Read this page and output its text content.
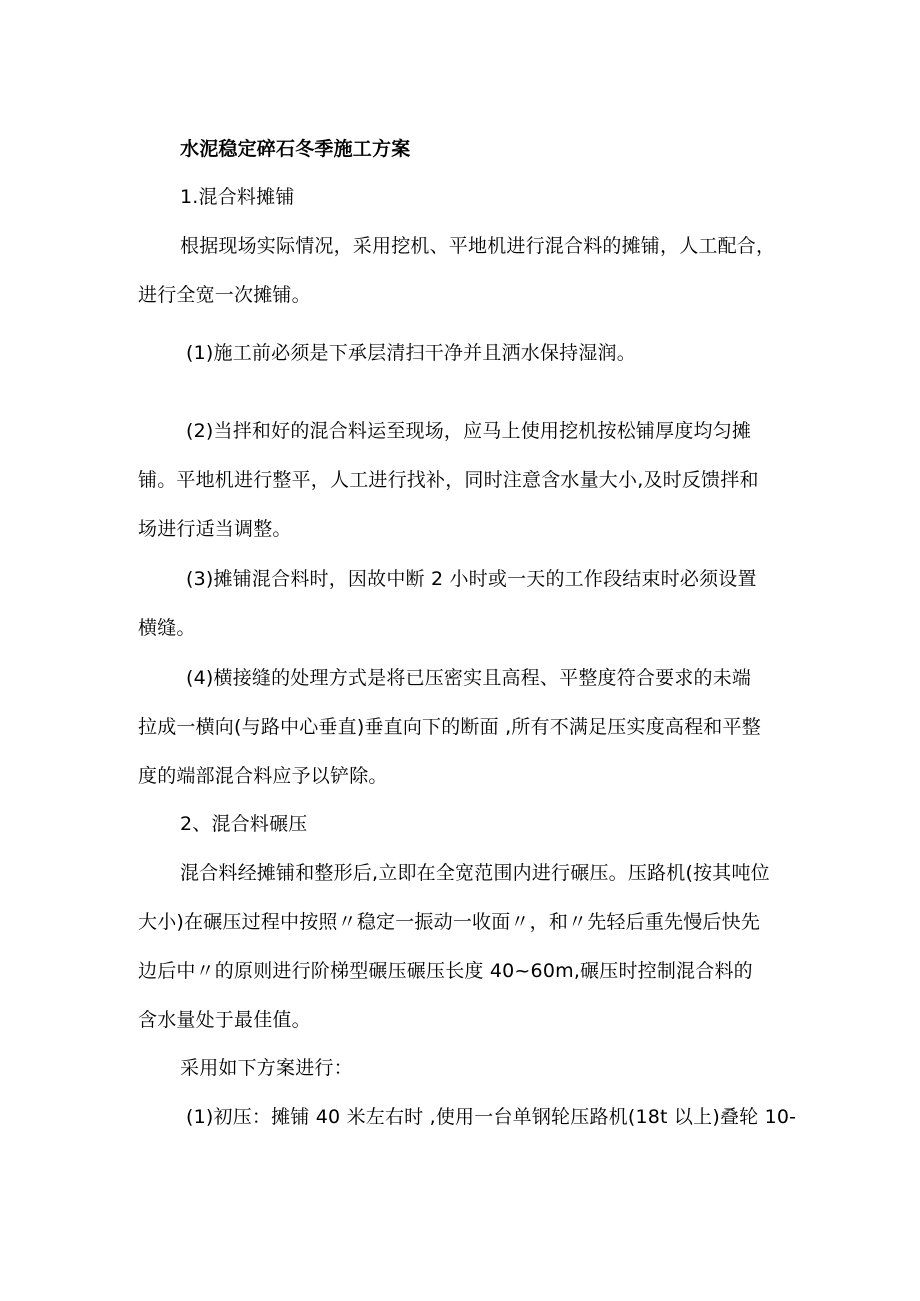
水泥稳定碎石冬季施工方案

1.混合料摊铺

根据现场实际情况，采用挖机、平地机进行混合料的摊铺，人工配合，

进行全宽一次摊铺。

(1)施工前必须是下承层清扫干净并且洒水保持湿润。

(2)当拌和好的混合料运至现场，应马上使用挖机按松铺厚度均匀摊

铺。平地机进行整平，人工进行找补，同时注意含水量大小,及时反馈拌和

场进行适当调整。

(3)摊铺混合料时，因故中断 2 小时或一天的工作段结束时必须设置

横缝。

(4)横接缝的处理方式是将已压密实且高程、平整度符合要求的未端

拉成一横向(与路中心垂直)垂直向下的断面 ,所有不满足压实度高程和平整

度的端部混合料应予以铲除。

2、混合料碾压

混合料经摊铺和整形后,立即在全宽范围内进行碾压。压路机(按其吨位

大小)在碾压过程中按照〃稳定一振动一收面〃，和〃先轻后重先慢后快先

边后中〃的原则进行阶梯型碾压碾压长度 40~60m,碾压时控制混合料的

含水量处于最佳值。

采用如下方案进行：

(1)初压：摊铺 40 米左右时 ,使用一台单钢轮压路机(18t 以上)叠轮 10-
